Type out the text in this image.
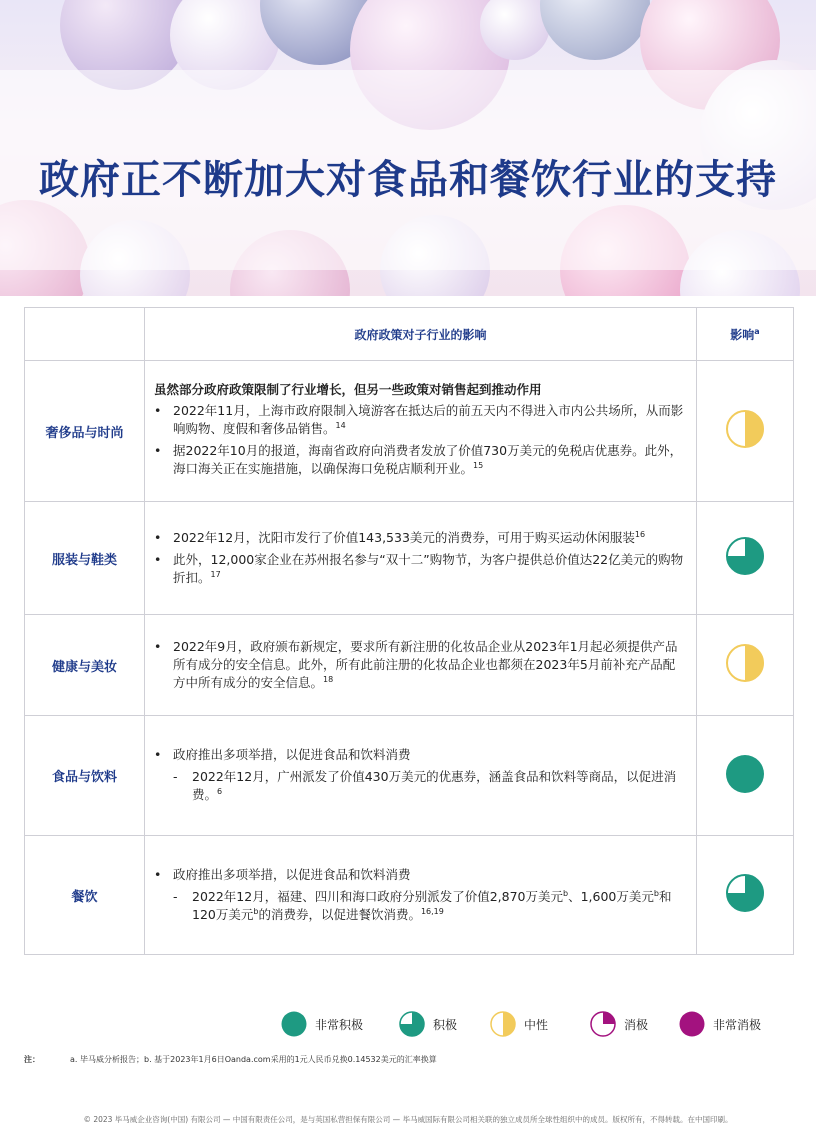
政府正不断加大对食品和餐饮行业的支持
	政府政策对子行业的影响	影响$^a$
奢侈品与时尚	虽然部分政府政策限制了行业增长，但另一些政策对销售起到推动作用
• 2022年11月，上海市政府限制入境游客在抵达后的前五天内不得进入市内公共场所，从而影响购物、度假和奢侈品销售。$^{14}$
• 据2022年10月的报道，海南省政府向消费者发放了价值730万美元的免税店优惠券。此外，海口海关正在实施措施，以确保海口免税店顺利开业。$^{15}$

服装与鞋类	• 2022年12月，沈阳市发行了价值143,533美元的消费券，可用于购买运动休闲服装$^{16}$
• 此外，12,000家企业在苏州报名参与“双十二”购物节，为客户提供总价值达22亿美元的购物折扣。$^{17}$

健康与美妆	• 2022年9月，政府颁布新规定，要求所有新注册的化妆品企业从2023年1月起必须提供产品所有成分的安全信息。此外，所有此前注册的化妆品企业也都须在2023年5月前补充产品配方中所有成分的安全信息。$^{18}$

食品与饮料	• 政府推出多项举措，以促进食品和饮料消费
- 2022年12月，广州派发了价值430万美元的优惠券，涵盖食品和饮料等商品，以促进消费。$^6$

餐饮	• 政府推出多项举措，以促进食品和饮料消费
- 2022年12月，福建、四川和海口政府分别派发了价值2,870万美元$^b$、1,600万美元$^b$和120万美元$^b$的消费券，以促进餐饮消费。$^{16,19}$

非常积极	积极	中性	消极	非常消极
注：	a. 毕马威分析报告；b. 基于2023年1月6日Oanda.com采用的1元人民币兑换0.14532美元的汇率换算
© 2023 毕马威企业咨询(中国) 有限公司 — 中国有限责任公司，是与英国私营担保有限公司 — 毕马威国际有限公司相关联的独立成员所全球性组织中的成员。版权所有，不得转载。在中国印刷。
